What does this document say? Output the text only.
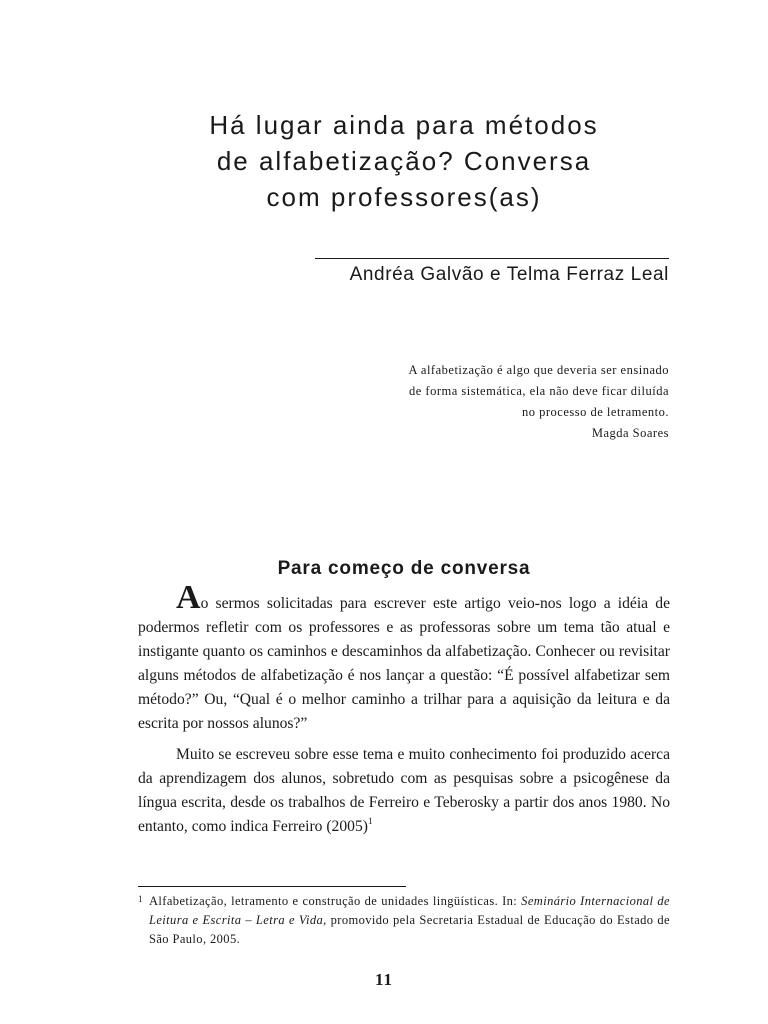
Há lugar ainda para métodos
de alfabetização? Conversa
com professores(as)
Andréa Galvão e Telma Ferraz Leal
A alfabetização é algo que deveria ser ensinado
de forma sistemática, ela não deve ficar diluída
no processo de letramento.
Magda Soares
Para começo de conversa

Ao sermos solicitadas para escrever este artigo veio-nos logo a idéia de podermos refletir com os professores e as professoras sobre um tema tão atual e instigante quanto os caminhos e descaminhos da alfabetização. Conhecer ou revisitar alguns métodos de alfabetização é nos lançar a questão: “É possível alfabetizar sem método?” Ou, “Qual é o melhor caminho a trilhar para a aquisição da leitura e da escrita por nossos alunos?”

Muito se escreveu sobre esse tema e muito conhecimento foi produzido acerca da aprendizagem dos alunos, sobretudo com as pesquisas sobre a psicogênese da língua escrita, desde os trabalhos de Ferreiro e Teberosky a partir dos anos 1980. No entanto, como indica Ferreiro $(2005)^1$

1 Alfabetização, letramento e construção de unidades lingüísticas. In: Seminário Internacional de Leitura e Escrita – Letra e Vida, promovido pela Secretaria Estadual de Educação do Estado de São Paulo, 2005.
11
